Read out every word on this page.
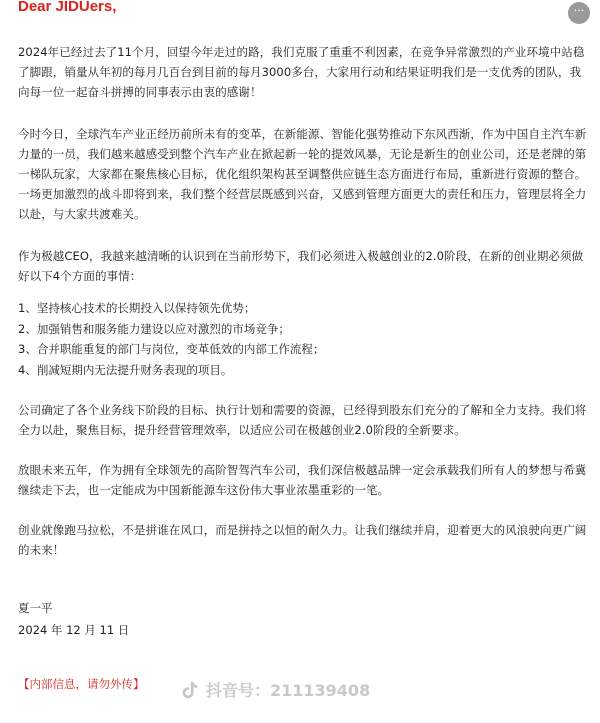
Dear JIDUers,	···

2024年已经过去了11个月，回望今年走过的路，我们克服了重重不利因素，在竞争异常激烈的产业环境中站稳了脚跟，销量从年初的每月几百台到目前的每月3000多台，大家用行动和结果证明我们是一支优秀的团队，我向每一位一起奋斗拼搏的同事表示由衷的感谢！

今时今日，全球汽车产业正经历前所未有的变革，在新能源、智能化强势推动下东风西渐，作为中国自主汽车新力量的一员，我们越来越感受到整个汽车产业在掀起新一轮的提效风暴，无论是新生的创业公司，还是老牌的第一梯队玩家，大家都在聚焦核心目标，优化组织架构甚至调整供应链生态方面进行布局，重新进行资源的整合。一场更加激烈的战斗即将到来，我们整个经营层既感到兴奋，又感到管理方面更大的责任和压力，管理层将全力以赴，与大家共渡难关。

作为极越CEO，我越来越清晰的认识到在当前形势下，我们必须进入极越创业的2.0阶段，在新的创业期必须做好以下4个方面的事情：

1、坚持核心技术的长期投入以保持领先优势；
2、加强销售和服务能力建设以应对激烈的市场竞争；
3、合并职能重复的部门与岗位，变革低效的内部工作流程；
4、削减短期内无法提升财务表现的项目。

公司确定了各个业务线下阶段的目标、执行计划和需要的资源，已经得到股东们充分的了解和全力支持。我们将全力以赴，聚焦目标，提升经营管理效率，以适应公司在极越创业2.0阶段的全新要求。

放眼未来五年，作为拥有全球领先的高阶智驾汽车公司，我们深信极越品牌一定会承载我们所有人的梦想与希冀继续走下去，也一定能成为中国新能源车这份伟大事业浓墨重彩的一笔。

创业就像跑马拉松，不是拼谁在风口，而是拼持之以恒的耐久力。让我们继续并肩，迎着更大的风浪驶向更广阔的未来！

夏一平
2024 年 12 月 11 日
【内部信息，请勿外传】	抖音号：211139408
